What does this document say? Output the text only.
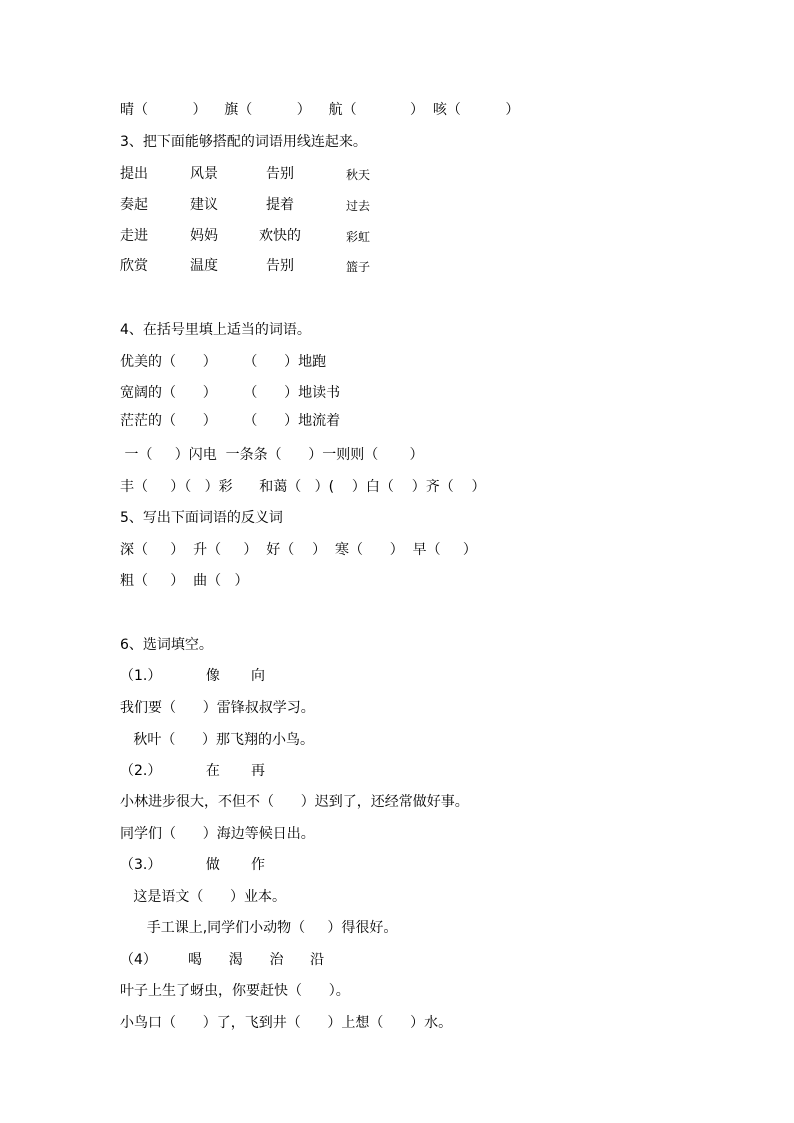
晴（          ）    旗（          ）    航（            ）  咳（          ）
3、把下面能够搭配的词语用线连起来。
提出	风景	告别	秋天
奏起	建议	提着	过去
走进	妈妈	欢快的	彩虹
欣赏	温度	告别	篮子
4、在括号里填上适当的词语。
优美的（      ）      （      ）地跑
宽阔的（      ）      （      ）地读书
茫茫的（      ）      （      ）地流着
一（     ）闪电  一条条（      ）一则则（       ）
丰（     ）（   ）彩      和蔼（   ）(    ）白（    ）齐（    ）
5、写出下面词语的反义词
深（     ）  升（     ）  好（    ）  寒（      ）  早（     ）
粗（     ）  曲（   ）
6、选词填空。
（1.）          像       向
我们要（      ）雷锋叔叔学习。
秋叶（      ）那飞翔的小鸟。
（2.）          在       再
小林进步很大，不但不（      ）迟到了，还经常做好事。
同学们（      ）海边等候日出。
（3.）          做       作
这是语文（      ）业本。
手工课上,同学们小动物（     ）得很好。
（4）       喝      渴      治      沿
叶子上生了蚜虫，你要赶快（      ）。
小鸟口（      ）了，飞到井（      ）上想（      ）水。
